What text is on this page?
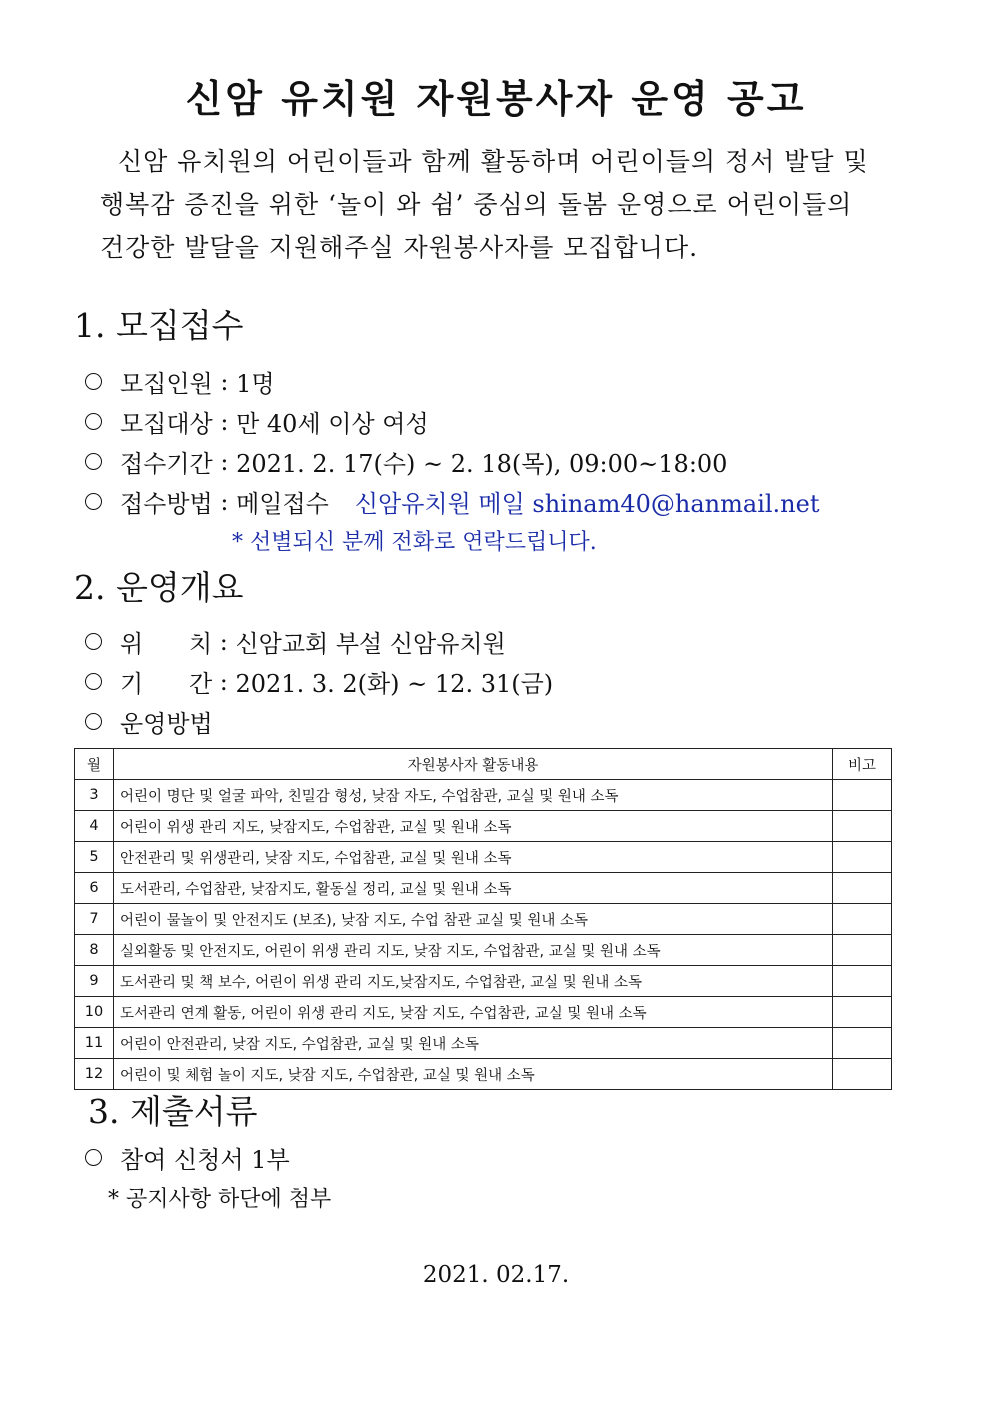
신암 유치원 자원봉사자 운영 공고
신암 유치원의 어린이들과 함께 활동하며 어린이들의 정서 발달 및
행복감 증진을 위한 ‘놀이 와 쉼’ 중심의 돌봄 운영으로 어린이들의
건강한 발달을 지원해주실 자원봉사자를 모집합니다.
1. 모집접수
모집인원 : 1명
모집대상 : 만 40세 이상 여성
접수기간 : 2021. 2. 17(수) ~ 2. 18(목), 09:00~18:00
접수방법 : 메일접수 신암유치원 메일 shinam40@hanmail.net
* 선별되신 분께 전화로 연락드립니다.
2. 운영개요
위      치 : 신암교회 부설 신암유치원
기      간 : 2021. 3. 2(화) ~ 12. 31(금)
운영방법
월	자원봉사자 활동내용	비고
3	어린이 명단 및 얼굴 파악, 친밀감 형성, 낮잠 자도, 수업참관, 교실 및 원내 소독	
4	어린이 위생 관리 지도, 낮잠지도, 수업참관, 교실 및 원내 소독	
5	안전관리 및 위생관리, 낮잠 지도, 수업참관, 교실 및 원내 소독	
6	도서관리, 수업참관, 낮잠지도, 활동실 정리, 교실 및 원내 소독	
7	어린이 물놀이 및 안전지도 (보조), 낮잠 지도, 수업 참관 교실 및 원내 소독	
8	실외활동 및 안전지도, 어린이 위생 관리 지도, 낮잠 지도, 수업참관, 교실 및 원내 소독	
9	도서관리 및 책 보수, 어린이 위생 관리 지도,낮잠지도, 수업참관, 교실 및 원내 소독	
10	도서관리 연계 활동, 어린이 위생 관리 지도, 낮잠 지도, 수업참관, 교실 및 원내 소독	
11	어린이 안전관리, 낮잠 지도, 수업참관, 교실 및 원내 소독	
12	어린이 및 체험 놀이 지도, 낮잠 지도, 수업참관, 교실 및 원내 소독	
3. 제출서류
참여 신청서 1부
* 공지사항 하단에 첨부
2021. 02.17.
